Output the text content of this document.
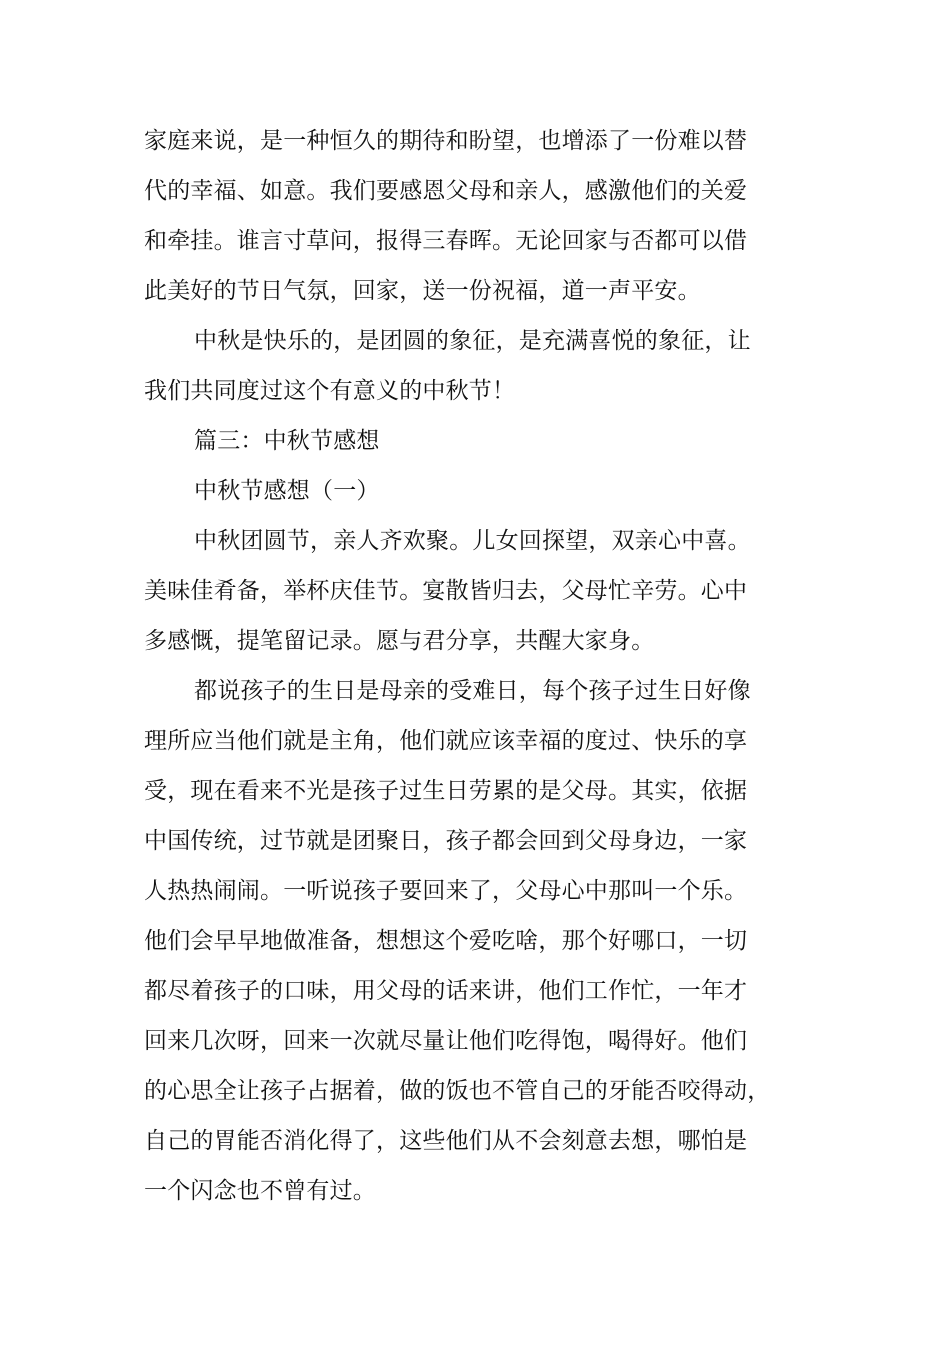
家庭来说，是一种恒久的期待和盼望，也增添了一份难以替
代的幸福、如意。我们要感恩父母和亲人，感激他们的关爱
和牵挂。谁言寸草问，报得三春晖。无论回家与否都可以借
此美好的节日气氛，回家，送一份祝福，道一声平安。
中秋是快乐的，是团圆的象征，是充满喜悦的象征，让
我们共同度过这个有意义的中秋节！
篇三：中秋节感想
中秋节感想（一）
中秋团圆节，亲人齐欢聚。儿女回探望，双亲心中喜。
美味佳肴备，举杯庆佳节。宴散皆归去，父母忙辛劳。心中
多感慨，提笔留记录。愿与君分享，共醒大家身。
都说孩子的生日是母亲的受难日，每个孩子过生日好像
理所应当他们就是主角，他们就应该幸福的度过、快乐的享
受，现在看来不光是孩子过生日劳累的是父母。其实，依据
中国传统，过节就是团聚日，孩子都会回到父母身边，一家
人热热闹闹。一听说孩子要回来了，父母心中那叫一个乐。
他们会早早地做准备，想想这个爱吃啥，那个好哪口，一切
都尽着孩子的口味，用父母的话来讲，他们工作忙，一年才
回来几次呀，回来一次就尽量让他们吃得饱，喝得好。他们
的心思全让孩子占据着，做的饭也不管自己的牙能否咬得动，
自己的胃能否消化得了，这些他们从不会刻意去想，哪怕是
一个闪念也不曾有过。
